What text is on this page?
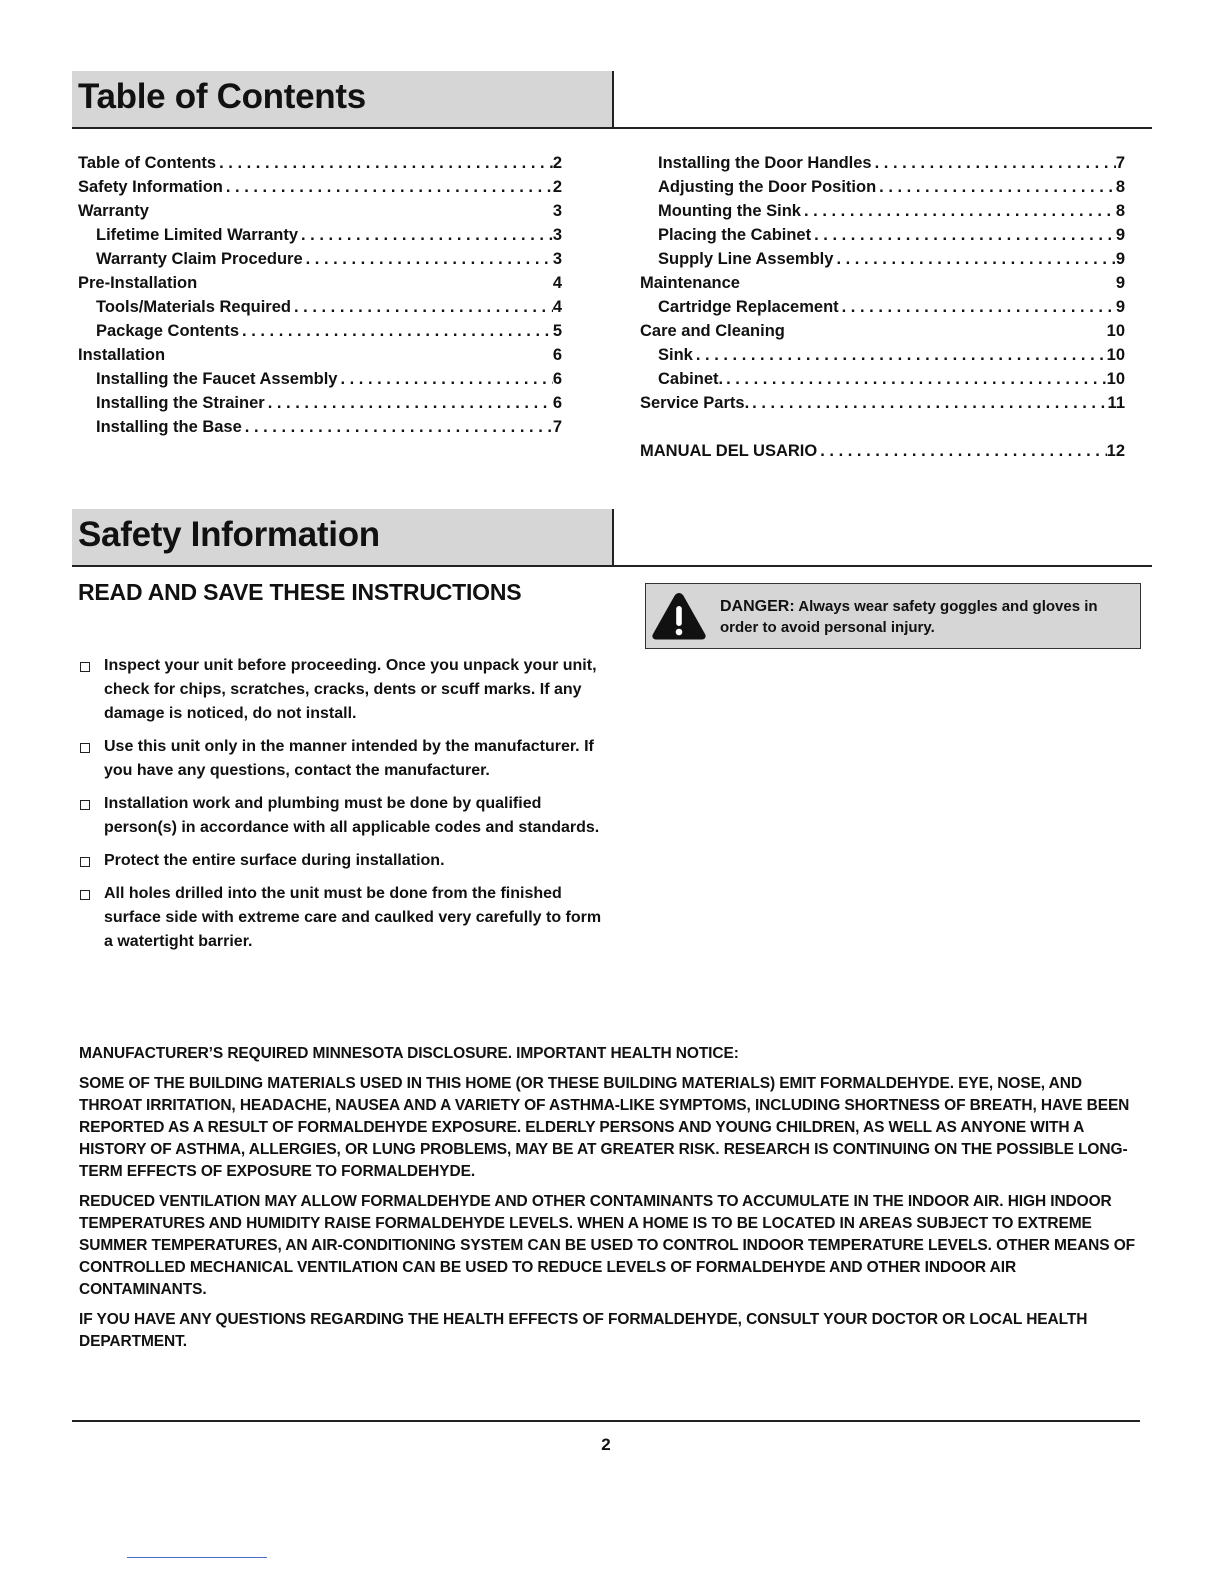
Table of Contents
Table of Contents . . .	2
Safety Information . . .	2
Warranty	3
Lifetime Limited Warranty . . .	3
Warranty Claim Procedure . . .	3
Pre-Installation	4
Tools/Materials Required . . .	4
Package Contents . . .	5
Installation	6
Installing the Faucet Assembly . . .	6
Installing the Strainer . . .	6
Installing the Base . . .	7
Installing the Door Handles . . .	7
Adjusting the Door Position . . .	8
Mounting the Sink . . .	8
Placing the Cabinet . . .	9
Supply Line Assembly . . .	9
Maintenance	9
Cartridge Replacement . . .	9
Care and Cleaning	10
Sink . . .	10
Cabinet. . . .	10
Service Parts. . . .	11
MANUAL DEL USARIO . . .	12
Safety Information
READ AND SAVE THESE INSTRUCTIONS
DANGER: Always wear safety goggles and gloves in order to avoid personal injury.
Inspect your unit before proceeding. Once you unpack your unit, check for chips, scratches, cracks, dents or scuff marks. If any damage is noticed, do not install.
Use this unit only in the manner intended by the manufacturer. If you have any questions, contact the manufacturer.
Installation work and plumbing must be done by qualified person(s) in accordance with all applicable codes and standards.
Protect the entire surface during installation.
All holes drilled into the unit must be done from the finished surface side with extreme care and caulked very carefully to form a watertight barrier.

MANUFACTURER’S REQUIRED MINNESOTA DISCLOSURE. IMPORTANT HEALTH NOTICE:

SOME OF THE BUILDING MATERIALS USED IN THIS HOME (OR THESE BUILDING MATERIALS) EMIT FORMALDEHYDE. EYE, NOSE, AND THROAT IRRITATION, HEADACHE, NAUSEA AND A VARIETY OF ASTHMA-LIKE SYMPTOMS, INCLUDING SHORTNESS OF BREATH, HAVE BEEN REPORTED AS A RESULT OF FORMALDEHYDE EXPOSURE. ELDERLY PERSONS AND YOUNG CHILDREN, AS WELL AS ANYONE WITH A HISTORY OF ASTHMA, ALLERGIES, OR LUNG PROBLEMS, MAY BE AT GREATER RISK. RESEARCH IS CONTINUING ON THE POSSIBLE LONG-TERM EFFECTS OF EXPOSURE TO FORMALDEHYDE.

REDUCED VENTILATION MAY ALLOW FORMALDEHYDE AND OTHER CONTAMINANTS TO ACCUMULATE IN THE INDOOR AIR. HIGH INDOOR TEMPERATURES AND HUMIDITY RAISE FORMALDEHYDE LEVELS. WHEN A HOME IS TO BE LOCATED IN AREAS SUBJECT TO EXTREME SUMMER TEMPERATURES, AN AIR-CONDITIONING SYSTEM CAN BE USED TO CONTROL INDOOR TEMPERATURE LEVELS. OTHER MEANS OF CONTROLLED MECHANICAL VENTILATION CAN BE USED TO REDUCE LEVELS OF FORMALDEHYDE AND OTHER INDOOR AIR CONTAMINANTS.

IF YOU HAVE ANY QUESTIONS REGARDING THE HEALTH EFFECTS OF FORMALDEHYDE, CONSULT YOUR DOCTOR OR LOCAL HEALTH DEPARTMENT.

2
